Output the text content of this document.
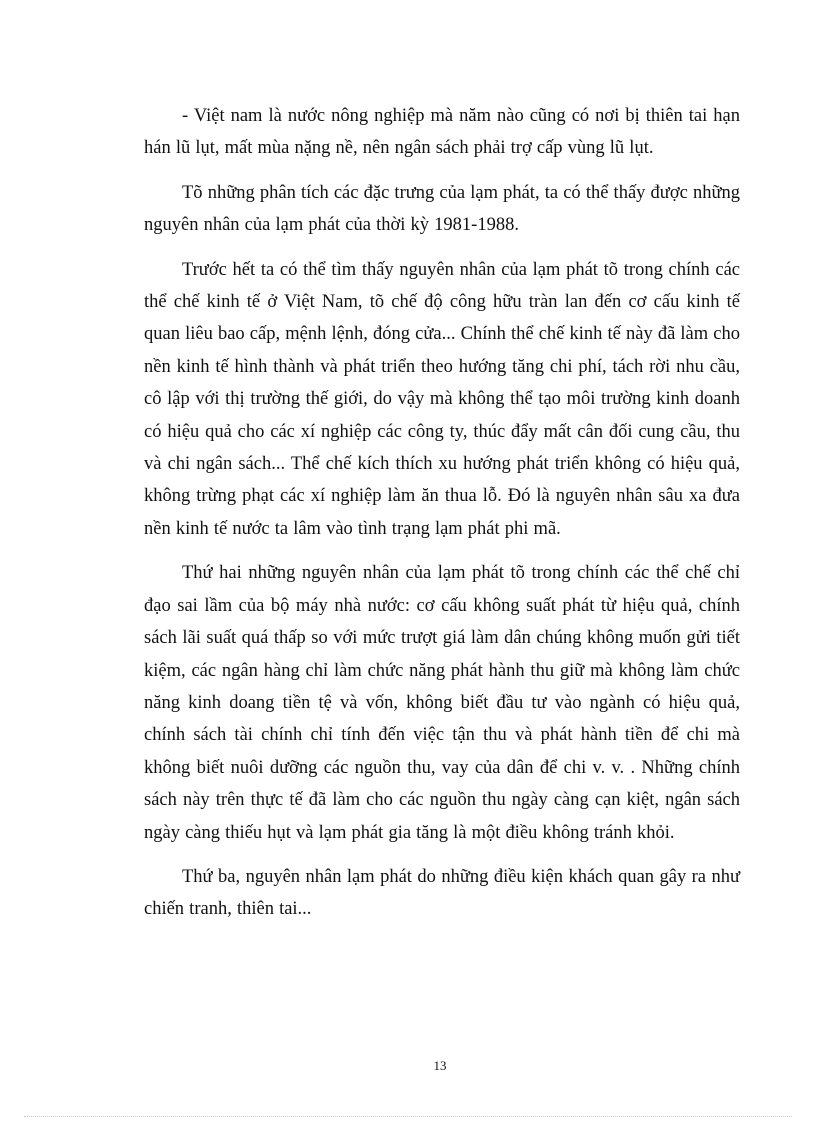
- Việt nam là nước nông nghiệp mà năm nào cũng có nơi bị thiên tai hạn hán lũ lụt, mất mùa nặng nề, nên ngân sách phải trợ cấp vùng lũ lụt.

Tõ những phân tích các đặc trưng của lạm phát, ta có thể thấy được những nguyên nhân của lạm phát của thời kỳ 1981-1988.

Trước hết ta có thể tìm thấy nguyên nhân của lạm phát tõ trong chính các thể chế kinh tế ở Việt Nam, tõ chế độ công hữu tràn lan đến cơ cấu kinh tế quan liêu bao cấp, mệnh lệnh, đóng cửa... Chính thể chế kinh tế này đã làm cho nền kinh tế hình thành và phát triển theo hướng tăng chi phí, tách rời nhu cầu, cô lập với thị trường thế giới, do vậy mà không thể tạo môi trường kinh doanh có hiệu quả cho các xí nghiệp các công ty, thúc đẩy mất cân đối cung cầu, thu và chi ngân sách... Thể chế kích thích xu hướng phát triển không có hiệu quả, không trừng phạt các xí nghiệp làm ăn thua lỗ. Đó là nguyên nhân sâu xa đưa nền kinh tế nước ta lâm vào tình trạng lạm phát phi mã.

Thứ hai những nguyên nhân của lạm phát tõ trong chính các thể chế chỉ đạo sai lầm của bộ máy nhà nước: cơ cấu không suất phát từ hiệu quả, chính sách lãi suất quá thấp so với mức trượt giá làm dân chúng không muốn gửi tiết kiệm, các ngân hàng chỉ làm chức năng phát hành thu giữ mà không làm chức năng kinh doang tiền tệ và vốn, không biết đầu tư vào ngành có hiệu quả, chính sách tài chính chỉ tính đến việc tận thu và phát hành tiền để chi mà không biết nuôi dưỡng các nguồn thu, vay của dân để chi v. v. . Những chính sách này trên thực tế đã làm cho các nguồn thu ngày càng cạn kiệt, ngân sách ngày càng thiếu hụt và lạm phát gia tăng là một điều không tránh khỏi.

Thứ ba, nguyên nhân lạm phát do những điều kiện khách quan gây ra như chiến tranh, thiên tai...

13
